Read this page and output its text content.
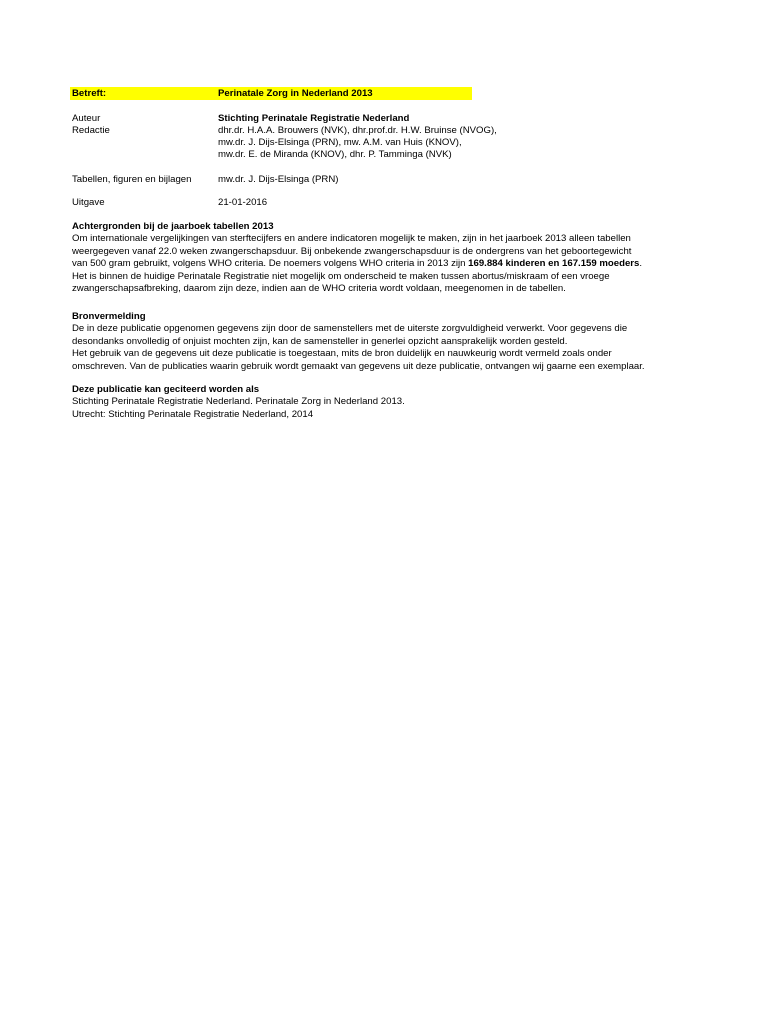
Betreft:	Perinatale Zorg in Nederland 2013
Auteur	Stichting Perinatale Registratie Nederland
Redactie	dhr.dr. H.A.A. Brouwers (NVK), dhr.prof.dr. H.W. Bruinse (NVOG),
mw.dr. J. Dijs-Elsinga (PRN), mw. A.M. van Huis (KNOV),
mw.dr. E. de Miranda (KNOV), dhr. P. Tamminga (NVK)
Tabellen, figuren en bijlagen	mw.dr. J. Dijs-Elsinga (PRN)
Uitgave	21-01-2016
Achtergronden bij de jaarboek tabellen 2013
Om internationale vergelijkingen van sterftecijfers en andere indicatoren mogelijk te maken, zijn in het jaarboek 2013 alleen tabellen
weergegeven vanaf 22.0 weken zwangerschapsduur. Bij onbekende zwangerschapsduur is de ondergrens van het geboortegewicht
van 500 gram gebruikt, volgens WHO criteria. De noemers volgens WHO criteria in 2013 zijn 169.884 kinderen en 167.159 moeders.
Het is binnen de huidige Perinatale Registratie niet mogelijk om onderscheid te maken tussen abortus/miskraam of een vroege
zwangerschapsafbreking, daarom zijn deze, indien aan de WHO criteria wordt voldaan, meegenomen in de tabellen.
Bronvermelding
De in deze publicatie opgenomen gegevens zijn door de samenstellers met de uiterste zorgvuldigheid verwerkt. Voor gegevens die
desondanks onvolledig of onjuist mochten zijn, kan de samensteller in generlei opzicht aansprakelijk worden gesteld.
Het gebruik van de gegevens uit deze publicatie is toegestaan, mits de bron duidelijk en nauwkeurig wordt vermeld zoals onder
omschreven. Van de publicaties waarin gebruik wordt gemaakt van gegevens uit deze publicatie, ontvangen wij gaarne een exemplaar.
Deze publicatie kan geciteerd worden als
Stichting Perinatale Registratie Nederland. Perinatale Zorg in Nederland 2013.
Utrecht: Stichting Perinatale Registratie Nederland, 2014
